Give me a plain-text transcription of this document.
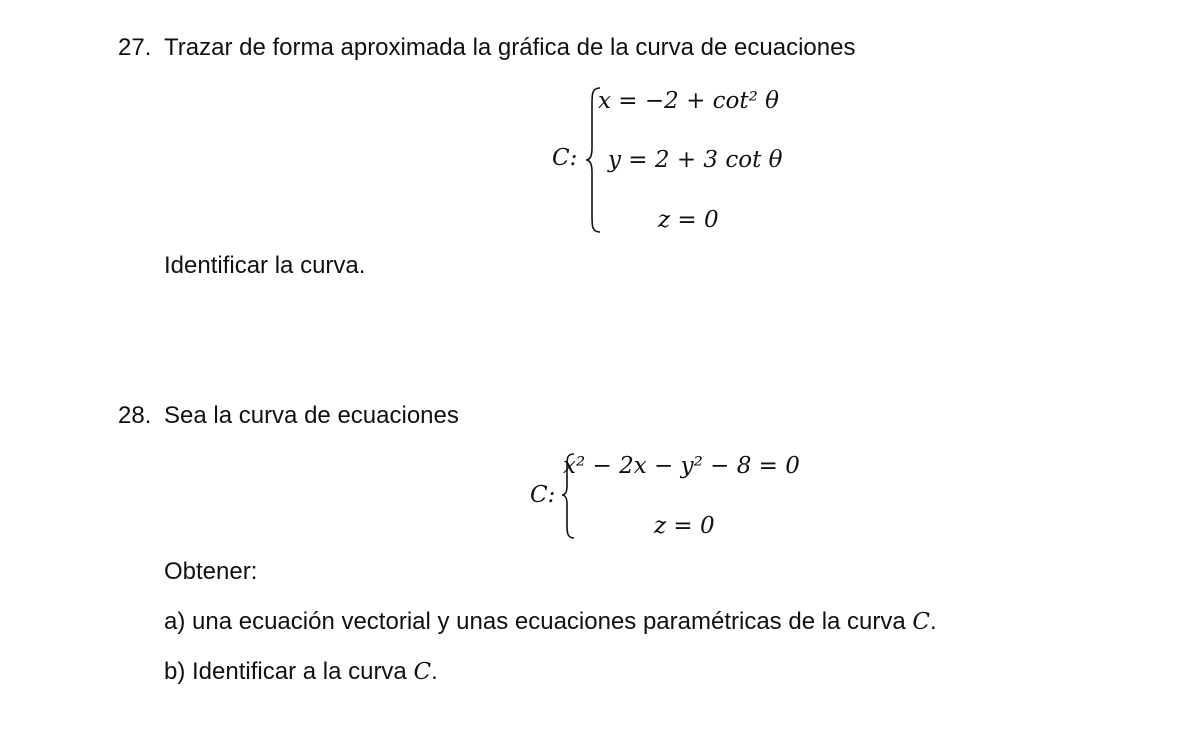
27. Trazar de forma aproximada la gráfica de la curva de ecuaciones
C:
x = −2 + cot² θ
y = 2 + 3 cot θ
z = 0
Identificar la curva.
28. Sea la curva de ecuaciones
C:
x² − 2x − y² − 8 = 0
z = 0
Obtener:
a) una ecuación vectorial y unas ecuaciones paramétricas de la curva C.
b) Identificar a la curva C.
